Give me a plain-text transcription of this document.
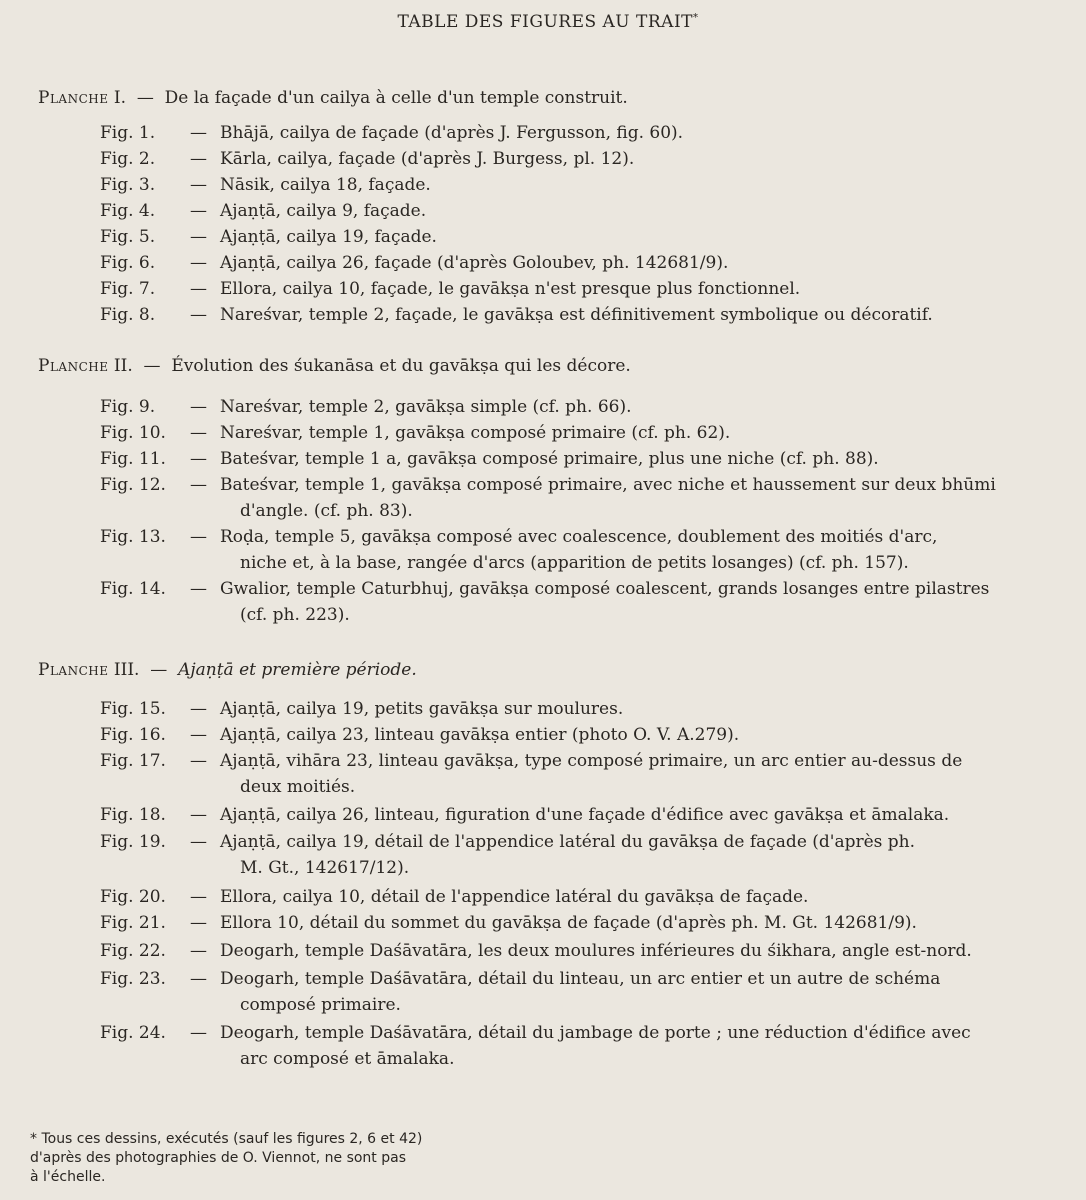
TABLE DES FIGURES AU TRAIT*
Planche I. — De la façade d'un cailya à celle d'un temple construit.
Fig. 1.	— Bhājā, cailya de façade (d'après J. Fergusson, fig. 60).
Fig. 2.	— Kārla, cailya, façade (d'après J. Burgess, pl. 12).
Fig. 3.	— Nāsik, cailya 18, façade.
Fig. 4.	— Ajaṇṭā, cailya 9, façade.
Fig. 5.	— Ajaṇṭā, cailya 19, façade.
Fig. 6.	— Ajaṇṭā, cailya 26, façade (d'après Goloubev, ph. 142681/9).
Fig. 7.	— Ellora, cailya 10, façade, le gavākṣa n'est presque plus fonctionnel.
Fig. 8.	— Nareśvar, temple 2, façade, le gavākṣa est définitivement symbolique ou décoratif.
Planche II. — Évolution des śukanāsa et du gavākṣa qui les décore.
Fig. 9.	— Nareśvar, temple 2, gavākṣa simple (cf. ph. 66).
Fig. 10.	— Nareśvar, temple 1, gavākṣa composé primaire (cf. ph. 62).
Fig. 11.	— Bateśvar, temple 1 a, gavākṣa composé primaire, plus une niche (cf. ph. 88).
Fig. 12.	— Bateśvar, temple 1, gavākṣa composé primaire, avec niche et haussement sur deux bhūmi
d'angle. (cf. ph. 83).
Fig. 13.	— Roḍa, temple 5, gavākṣa composé avec coalescence, doublement des moitiés d'arc,
niche et, à la base, rangée d'arcs (apparition de petits losanges) (cf. ph. 157).
Fig. 14.	— Gwalior, temple Caturbhuj, gavākṣa composé coalescent, grands losanges entre pilastres
(cf. ph. 223).
Planche III. — Ajaṇṭā et première période.
Fig. 15.	— Ajaṇṭā, cailya 19, petits gavākṣa sur moulures.
Fig. 16.	— Ajaṇṭā, cailya 23, linteau gavākṣa entier (photo O. V. A.279).
Fig. 17.	— Ajaṇṭā, vihāra 23, linteau gavākṣa, type composé primaire, un arc entier au-dessus de
deux moitiés.
Fig. 18.	— Ajaṇṭā, cailya 26, linteau, figuration d'une façade d'édifice avec gavākṣa et āmalaka.
Fig. 19.	— Ajaṇṭā, cailya 19, détail de l'appendice latéral du gavākṣa de façade (d'après ph.
M. Gt., 142617/12).
Fig. 20.	— Ellora, cailya 10, détail de l'appendice latéral du gavākṣa de façade.
Fig. 21.	— Ellora 10, détail du sommet du gavākṣa de façade (d'après ph. M. Gt. 142681/9).
Fig. 22.	— Deogarh, temple Daśāvatāra, les deux moulures inférieures du śikhara, angle est-nord.
Fig. 23.	— Deogarh, temple Daśāvatāra, détail du linteau, un arc entier et un autre de schéma
composé primaire.
Fig. 24.	— Deogarh, temple Daśāvatāra, détail du jambage de porte ; une réduction d'édifice avec
arc composé et āmalaka.
* Tous ces dessins, exécutés (sauf les figures 2, 6 et 42)
d'après des photographies de O. Viennot, ne sont pas
à l'échelle.
